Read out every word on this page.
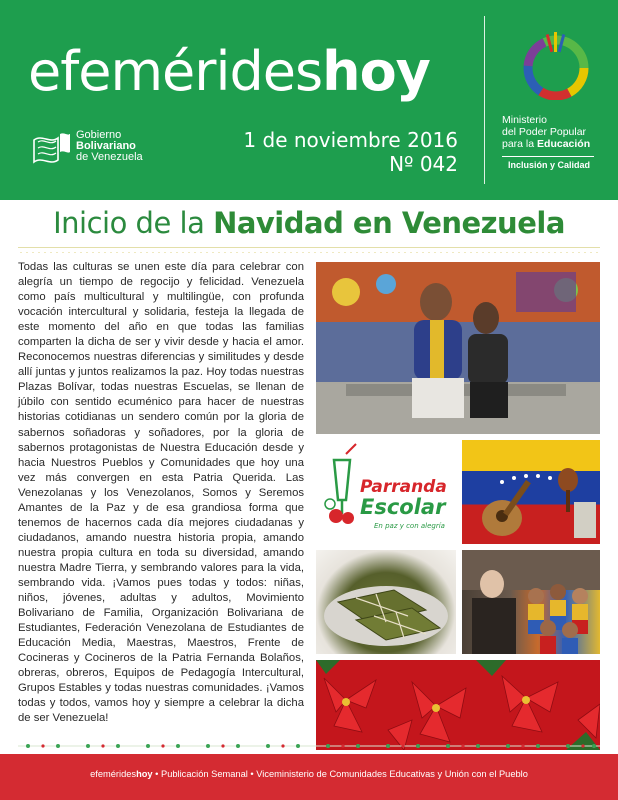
efemérideshoy
Gobierno
Bolivariano
de Venezuela
1 de noviembre 2016
Nº 042
Ministerio
del Poder Popular
para la Educación
Inclusión y Calidad
Inicio de la Navidad en Venezuela
Todas las culturas se unen este día para celebrar con alegría un tiempo de regocijo y felicidad. Venezuela como país multicultural y multilingüe, con profunda vocación intercultural y solidaria, festeja la llegada de este momento del año en que todas las familias comparten la dicha de ser y vivir desde y hacia el amor. Reconocemos nuestras diferencias y similitudes y desde allí juntas y juntos realizamos la paz. Hoy todas nuestras Plazas Bolívar, todas nuestras Escuelas, se llenan de júbilo con sentido ecuménico para hacer de nuestras historias cotidianas un sendero común por la gloria de sabernos soñadoras y soñadores, por la gloria de sabernos protagonistas de Nuestra Educación desde y hacia Nuestros Pueblos y Comunidades que hoy una vez más convergen en esta Patria Querida. Las Venezolanas y los Venezolanos, Somos y Seremos Amantes de la Paz y de esa grandiosa forma que tenemos de hacernos cada día mejores ciudadanas y ciudadanos, amando nuestra historia propia, amando nuestra propia cultura en toda su diversidad, amando nuestra Madre Tierra, y sembrando valores para la vida, sembrando vida. ¡Vamos pues todas y todos: niñas, niños, jóvenes, adultas y adultos, Movimiento Bolivariano de Familia, Organización Bolivariana de Estudiantes, Federación Venezolana de Estudiantes de Educación Media, Maestras, Maestros, Frente de Cocineras y Cocineros de la Patria Fernanda Bolaños, obreras, obreros, Equipos de Pedagogía Intercultural, Grupos Estables y todas nuestras comunidades. ¡Vamos todas y todos, vamos hoy y siempre a celebrar la dicha de ser Venezuela!
Parranda
Escolar
En paz y con alegría
efemérideshoy • Publicación Semanal • Viceministerio de Comunidades Educativas y Unión con el Pueblo
